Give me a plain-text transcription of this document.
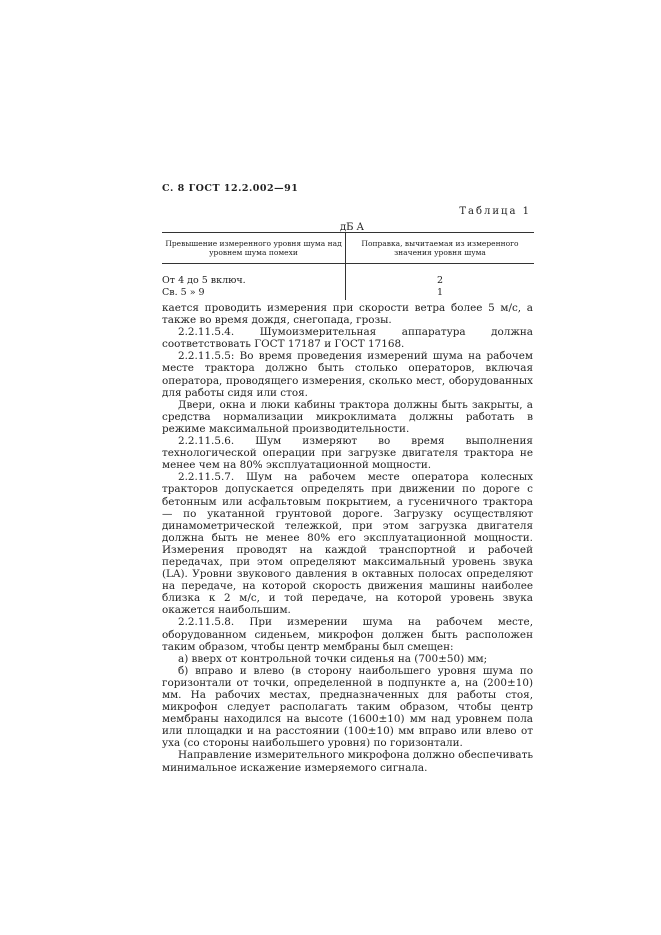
С. 8 ГОСТ 12.2.002—91
Таблица 1
дБ A
Превышение измеренного уровня шума над уровнем шума помехи
Поправка, вычитаемая из измеренного значения уровня шума
От 4 до 5 включ.
Св. 5 » 9
2
1

кается проводить измерения при скорости ветра более 5 м/с, а также во время дождя, снегопада, грозы.

2.2.11.5.4. Шумоизмерительная аппаратура должна соответствовать ГОСТ 17187 и ГОСТ 17168.

2.2.11.5.5: Во время проведения измерений шума на рабочем месте трактора должно быть столько операторов, включая оператора, проводящего измерения, сколько мест, оборудованных для работы сидя или стоя.

Двери, окна и люки кабины трактора должны быть закрыты, а средства нормализации микроклимата должны работать в режиме максимальной производительности.

2.2.11.5.6. Шум измеряют во время выполнения технологической операции при загрузке двигателя трактора не менее чем на 80% эксплуатационной мощности.

2.2.11.5.7. Шум на рабочем месте оператора колесных тракторов допускается определять при движении по дороге с бетонным или асфальтовым покрытием, а гусеничного трактора — по укатанной грунтовой дороге. Загрузку осуществляют динамометрической тележкой, при этом загрузка двигателя должна быть не менее 80% его эксплуатационной мощности. Измерения проводят на каждой транспортной и рабочей передачах, при этом определяют максимальный уровень звука (LA). Уровни звукового давления в октавных полосах определяют на передаче, на которой скорость движения машины наиболее близка к 2 м/с, и той передаче, на которой уровень звука окажется наибольшим.

2.2.11.5.8. При измерении шума на рабочем месте, оборудованном сиденьем, микрофон должен быть расположен таким образом, чтобы центр мембраны был смещен:

а) вверх от контрольной точки сиденья на (700±50) мм;

б) вправо и влево (в сторону наибольшего уровня шума по горизонтали от точки, определенной в подпункте а, на (200±10) мм. На рабочих местах, предназначенных для работы стоя, микрофон следует располагать таким образом, чтобы центр мембраны находился на высоте (1600±10) мм над уровнем пола или площадки и на расстоянии (100±10) мм вправо или влево от уха (со стороны наибольшего уровня) по горизонтали.

Направление измерительного микрофона должно обеспечивать минимальное искажение измеряемого сигнала.
